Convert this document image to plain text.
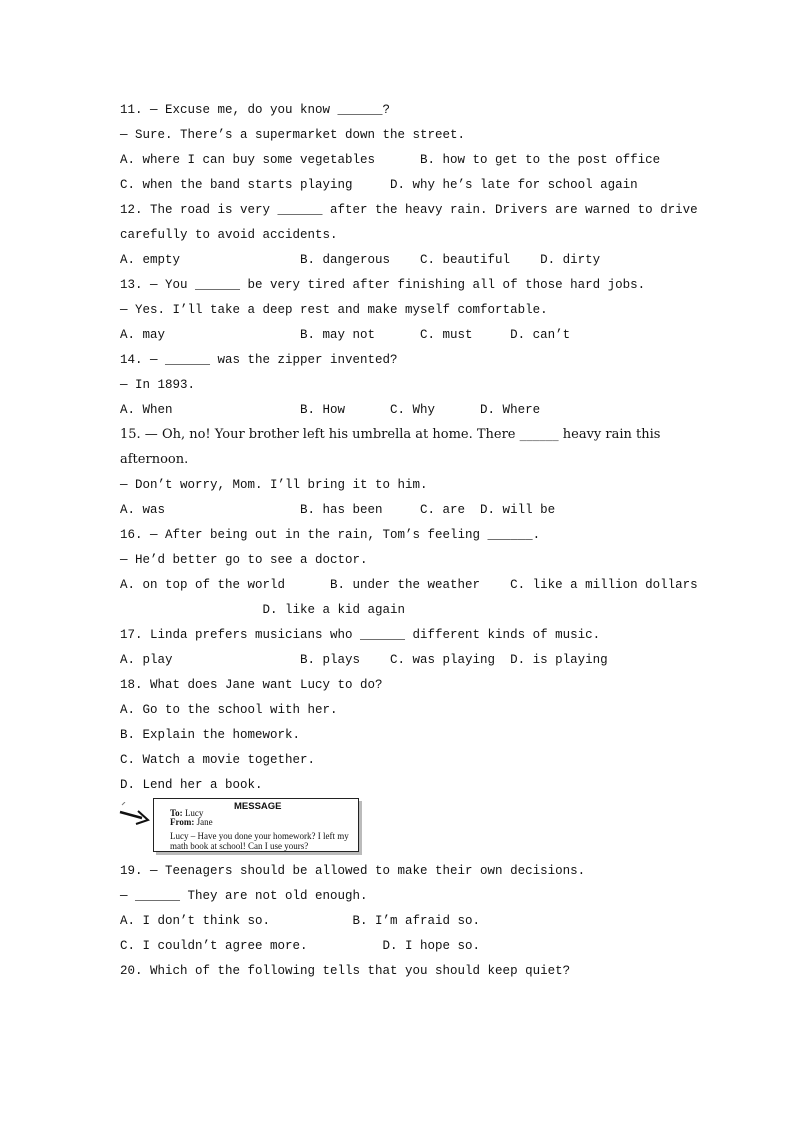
11. — Excuse me, do you know ______?
— Sure. There’s a supermarket down the street.
A. where I can buy some vegetables      B. how to get to the post office
C. when the band starts playing     D. why he’s late for school again
12. The road is very ______ after the heavy rain. Drivers are warned to drive
carefully to avoid accidents.
A. empty                B. dangerous    C. beautiful    D. dirty
13. — You ______ be very tired after finishing all of those hard jobs.
— Yes. I’ll take a deep rest and make myself comfortable.
A. may                  B. may not      C. must     D. can’t
14. — ______ was the zipper invented?
— In 1893.
A. When                 B. How      C. Why      D. Where
15. — Oh, no! Your brother left his umbrella at home. There ______ heavy rain this
afternoon.
— Don’t worry, Mom. I’ll bring it to him.
A. was                  B. has been     C. are  D. will be
16. — After being out in the rain, Tom’s feeling ______.
— He’d better go to see a doctor.
A. on top of the world      B. under the weather    C. like a million dollars
D. like a kid again
17. Linda prefers musicians who ______ different kinds of music.
A. play                 B. plays    C. was playing  D. is playing
18. What does Jane want Lucy to do?
A. Go to the school with her.
B. Explain the homework.
C. Watch a movie together.
D. Lend her a book.
MESSAGE
To: Lucy
From: Jane
Lucy – Have you done your homework? I left my math book at school! Can I use yours?
19. — Teenagers should be allowed to make their own decisions.
— ______ They are not old enough.
A. I don’t think so.           B. I’m afraid so.
C. I couldn’t agree more.          D. I hope so.
20. Which of the following tells that you should keep quiet?
